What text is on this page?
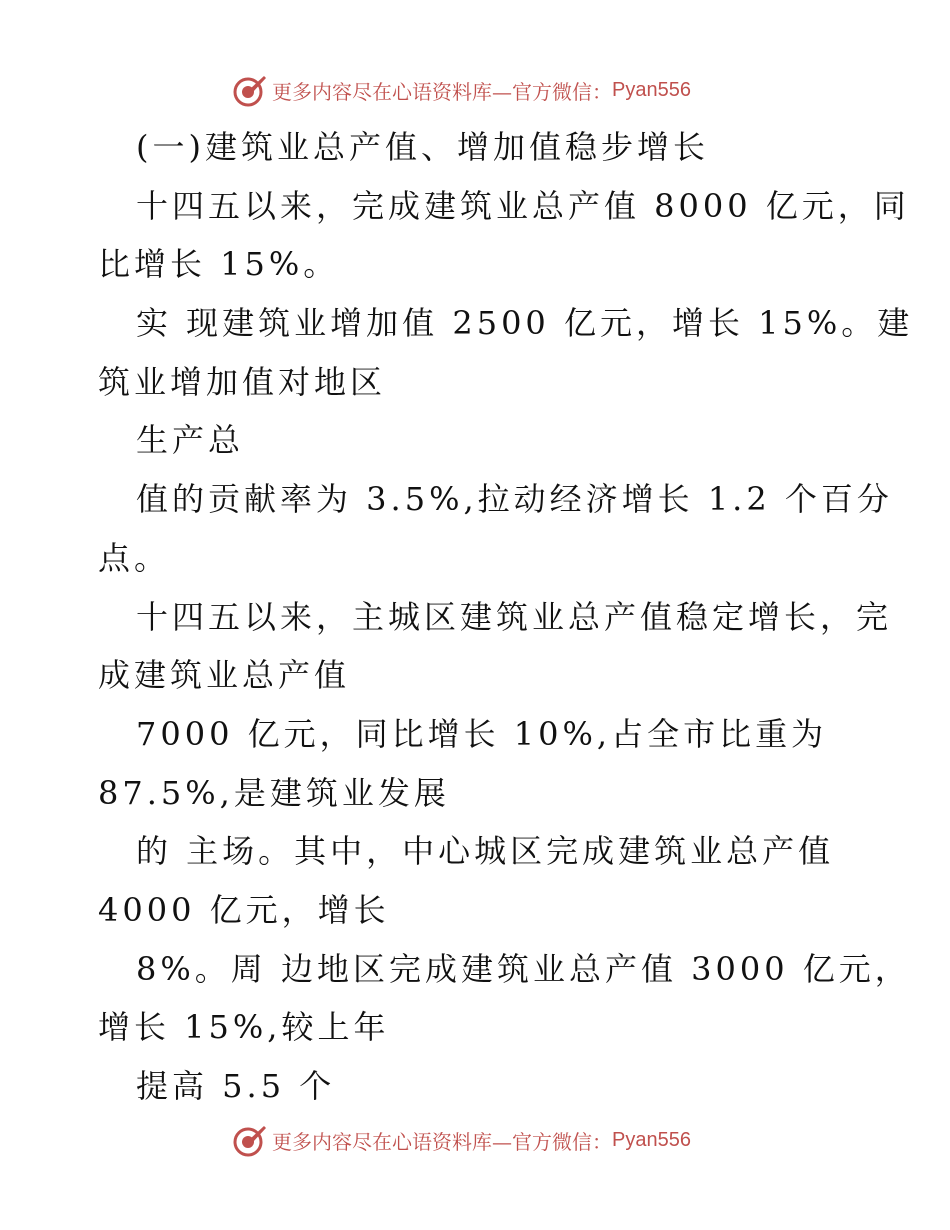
更多内容尽在心语资料库—官方微信： Pyan556
(一)建筑业总产值、增加值稳步增长
十四五以来，完成建筑业总产值 8000 亿元，同
比增长 15%。
实 现建筑业增加值 2500 亿元，增长 15%。建
筑业增加值对地区
生产总
值的贡献率为 3.5%,拉动经济增长 1.2 个百分
点。
十四五以来，主城区建筑业总产值稳定增长，完
成建筑业总产值
7000 亿元，同比增长 10%,占全市比重为
87.5%,是建筑业发展
的 主场。其中，中心城区完成建筑业总产值
4000 亿元，增长
8%。周 边地区完成建筑业总产值 3000 亿元，
增长 15%,较上年
提高 5.5 个
更多内容尽在心语资料库—官方微信： Pyan556
